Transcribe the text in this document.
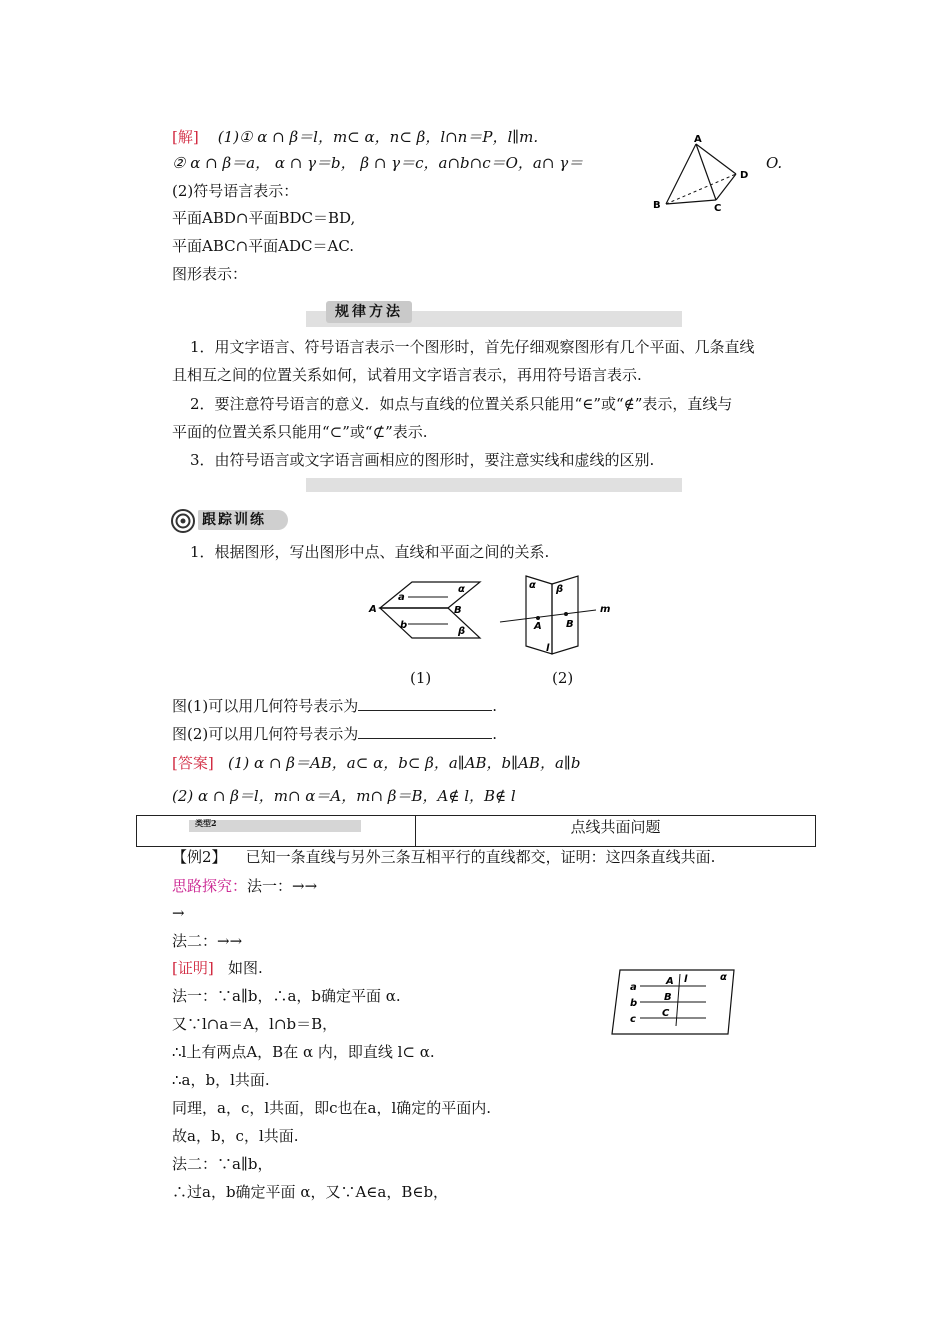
[解] (1)① α ∩ β＝l，m⊂ α，n⊂ β，l∩n＝P，l∥m.
② α ∩ β＝a， α ∩ γ＝b， β ∩ γ＝c，a∩b∩c＝O，a∩ γ＝	O.
(2)符号语言表示：
平面ABD∩平面BDC＝BD,
平面ABC∩平面ADC＝AC.
图形表示：
A
B	C
D
规律方法
1．用文字语言、符号语言表示一个图形时，首先仔细观察图形有几个平面、几条直线
且相互之间的位置关系如何，试着用文字语言表示，再用符号语言表示.
2．要注意符号语言的意义．如点与直线的位置关系只能用“∈”或“∉”表示，直线与
平面的位置关系只能用“⊂”或“⊄”表示.
3．由符号语言或文字语言画相应的图形时，要注意实线和虚线的区别.
跟踪训练
1．根据图形，写出图形中点、直线和平面之间的关系.
A	B
a
b
α
β
α β
A B
l
m
(1)	(2)
图(1)可以用几何符号表示为	.
图(2)可以用几何符号表示为	.
[答案] (1) α ∩ β＝AB，a⊂ α，b⊂ β，a∥AB，b∥AB，a∥b
(2) α ∩ β＝l，m∩ α＝A，m∩ β＝B，A∉ l，B∉ l
类型2	点线共面问题
【例2】 已知一条直线与另外三条互相平行的直线都交，证明：这四条直线共面.
思路探究：法一：→→
→
法二：→→
[证明] 如图.
法一：∵a∥b，∴a，b确定平面 α.
又∵l∩a＝A，l∩b＝B，
∴l上有两点A，B在 α 内，即直线 l⊂ α.
∴a，b，l共面.
同理，a，c，l共面，即c也在a，l确定的平面内.
故a，b，c，l共面.
法二：∵a∥b，
∴过a，b确定平面 α，又∵A∈a，B∈b，
a
b
c
A
B
C
l	α
